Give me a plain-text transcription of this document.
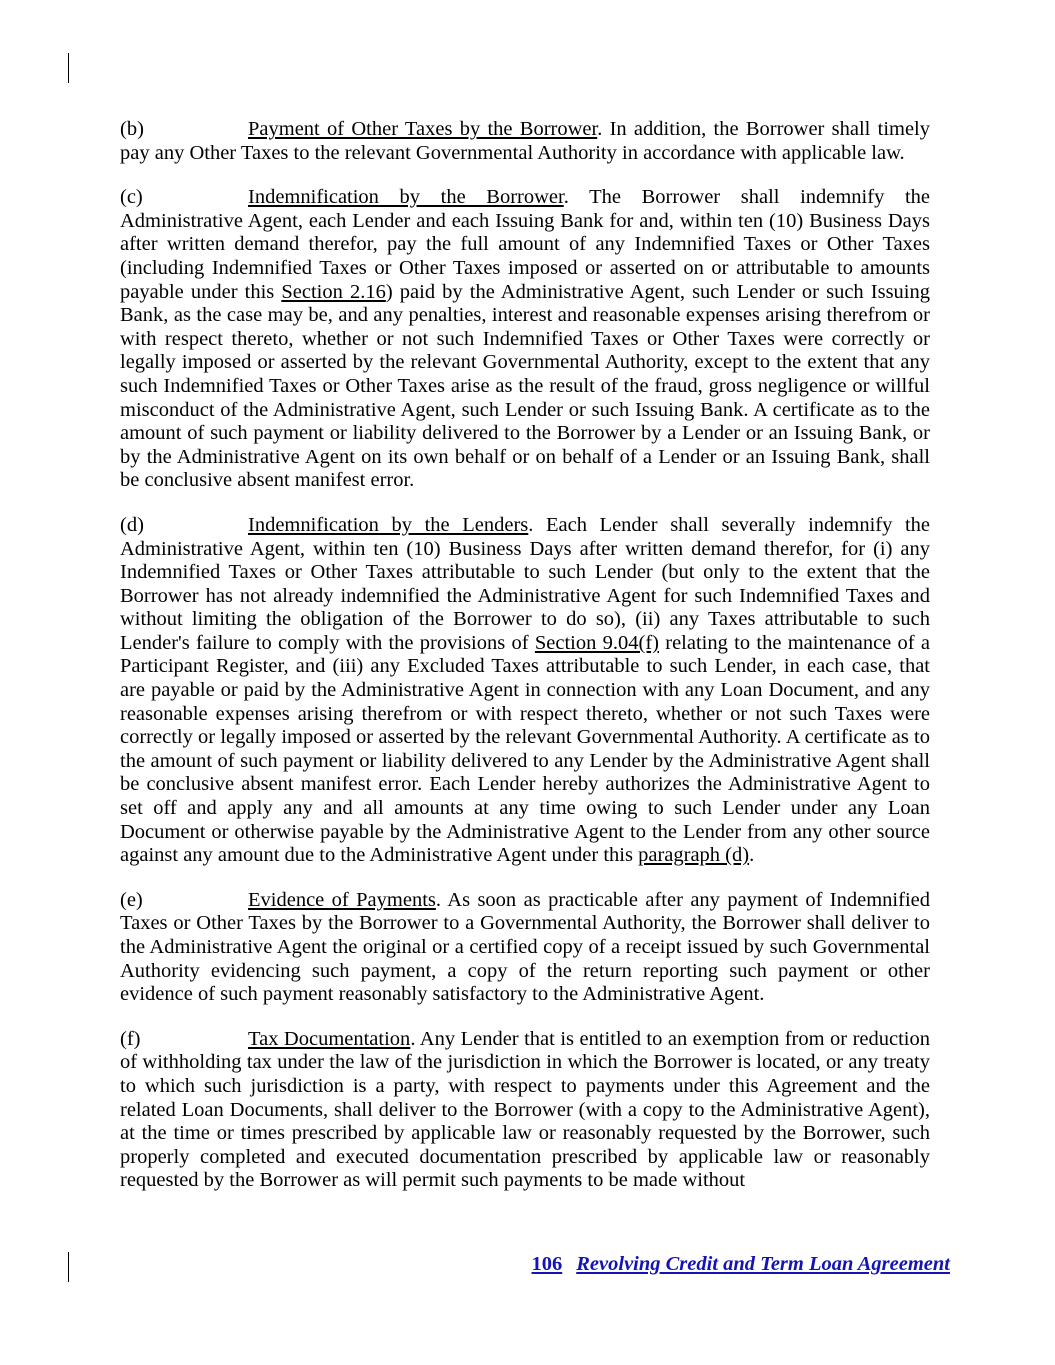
(b)	Payment of Other Taxes by the Borrower. In addition, the Borrower shall timely pay any Other Taxes to the relevant Governmental Authority in accordance with applicable law.

(c)	Indemnification by the Borrower. The Borrower shall indemnify the Administrative Agent, each Lender and each Issuing Bank for and, within ten (10) Business Days after written demand therefor, pay the full amount of any Indemnified Taxes or Other Taxes (including Indemnified Taxes or Other Taxes imposed or asserted on or attributable to amounts payable under this Section 2.16) paid by the Administrative Agent, such Lender or such Issuing Bank, as the case may be, and any penalties, interest and reasonable expenses arising therefrom or with respect thereto, whether or not such Indemnified Taxes or Other Taxes were correctly or legally imposed or asserted by the relevant Governmental Authority, except to the extent that any such Indemnified Taxes or Other Taxes arise as the result of the fraud, gross negligence or willful misconduct of the Administrative Agent, such Lender or such Issuing Bank. A certificate as to the amount of such payment or liability delivered to the Borrower by a Lender or an Issuing Bank, or by the Administrative Agent on its own behalf or on behalf of a Lender or an Issuing Bank, shall be conclusive absent manifest error.

(d)	Indemnification by the Lenders. Each Lender shall severally indemnify the Administrative Agent, within ten (10) Business Days after written demand therefor, for (i) any Indemnified Taxes or Other Taxes attributable to such Lender (but only to the extent that the Borrower has not already indemnified the Administrative Agent for such Indemnified Taxes and without limiting the obligation of the Borrower to do so), (ii) any Taxes attributable to such Lender's failure to comply with the provisions of Section 9.04(f) relating to the maintenance of a Participant Register, and (iii) any Excluded Taxes attributable to such Lender, in each case, that are payable or paid by the Administrative Agent in connection with any Loan Document, and any reasonable expenses arising therefrom or with respect thereto, whether or not such Taxes were correctly or legally imposed or asserted by the relevant Governmental Authority. A certificate as to the amount of such payment or liability delivered to any Lender by the Administrative Agent shall be conclusive absent manifest error. Each Lender hereby authorizes the Administrative Agent to set off and apply any and all amounts at any time owing to such Lender under any Loan Document or otherwise payable by the Administrative Agent to the Lender from any other source against any amount due to the Administrative Agent under this paragraph (d).

(e)	Evidence of Payments. As soon as practicable after any payment of Indemnified Taxes or Other Taxes by the Borrower to a Governmental Authority, the Borrower shall deliver to the Administrative Agent the original or a certified copy of a receipt issued by such Governmental Authority evidencing such payment, a copy of the return reporting such payment or other evidence of such payment reasonably satisfactory to the Administrative Agent.

(f)	Tax Documentation. Any Lender that is entitled to an exemption from or reduction of withholding tax under the law of the jurisdiction in which the Borrower is located, or any treaty to which such jurisdiction is a party, with respect to payments under this Agreement and the related Loan Documents, shall deliver to the Borrower (with a copy to the Administrative Agent), at the time or times prescribed by applicable law or reasonably requested by the Borrower, such properly completed and executed documentation prescribed by applicable law or reasonably requested by the Borrower as will permit such payments to be made without

106 Revolving Credit and Term Loan Agreement
